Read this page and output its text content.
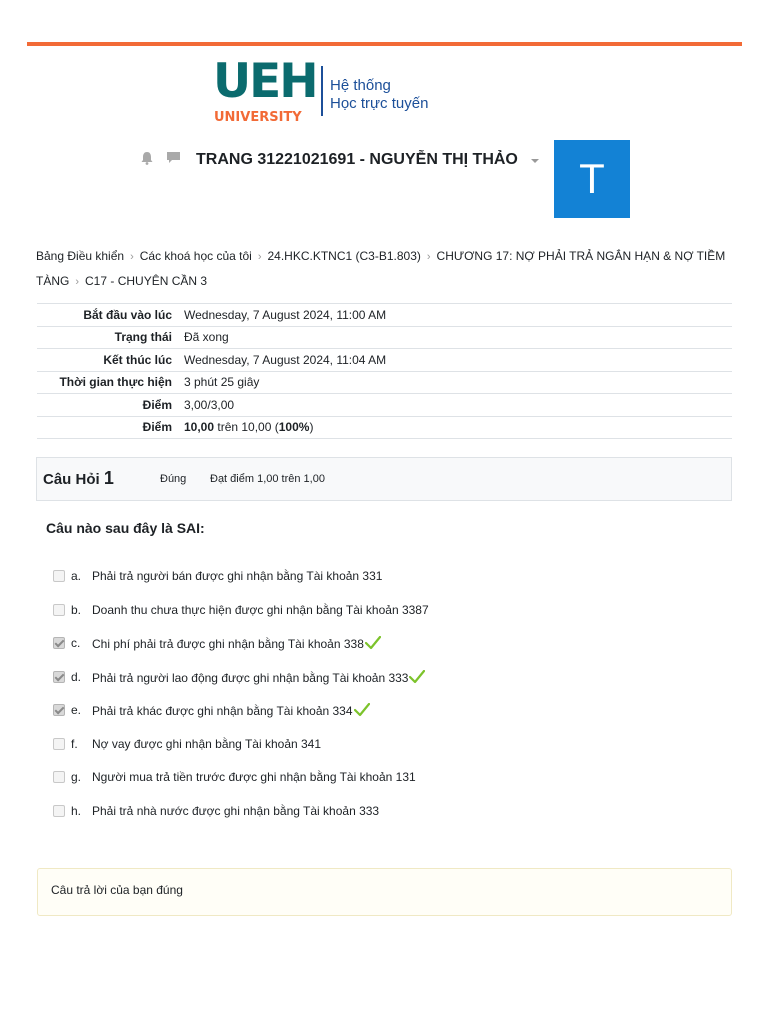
UEH
UNIVERSITY
Hệ thống
Học trực tuyến
TRANG 31221021691 - NGUYỄN THỊ THẢO	T
Bảng Điều khiển › Các khoá học của tôi › 24.HKC.KTNC1 (C3-B1.803) › CHƯƠNG 17: NỢ PHẢI TRẢ NGẮN HẠN & NỢ TIỀM TÀNG › C17 - CHUYÊN CẦN 3
Bắt đầu vào lúc	Wednesday, 7 August 2024, 11:00 AM
Trạng thái	Đã xong
Kết thúc lúc	Wednesday, 7 August 2024, 11:04 AM
Thời gian thực hiện	3 phút 25 giây
Điểm	3,00/3,00
Điểm	10,00 trên 10,00 (100%)
Câu Hỏi 1	Đúng Đạt điểm 1,00 trên 1,00
Câu nào sau đây là SAI:
a. Phải trả người bán được ghi nhận bằng Tài khoản 331
b. Doanh thu chưa thực hiện được ghi nhận bằng Tài khoản 3387
c. Chi phí phải trả được ghi nhận bằng Tài khoản 338
d. Phải trả người lao động được ghi nhận bằng Tài khoản 333
e. Phải trả khác được ghi nhận bằng Tài khoản 334
f. Nợ vay được ghi nhận bằng Tài khoản 341
g. Người mua trả tiền trước được ghi nhận bằng Tài khoản 131
h. Phải trả nhà nước được ghi nhận bằng Tài khoản 333
Câu trả lời của bạn đúng
